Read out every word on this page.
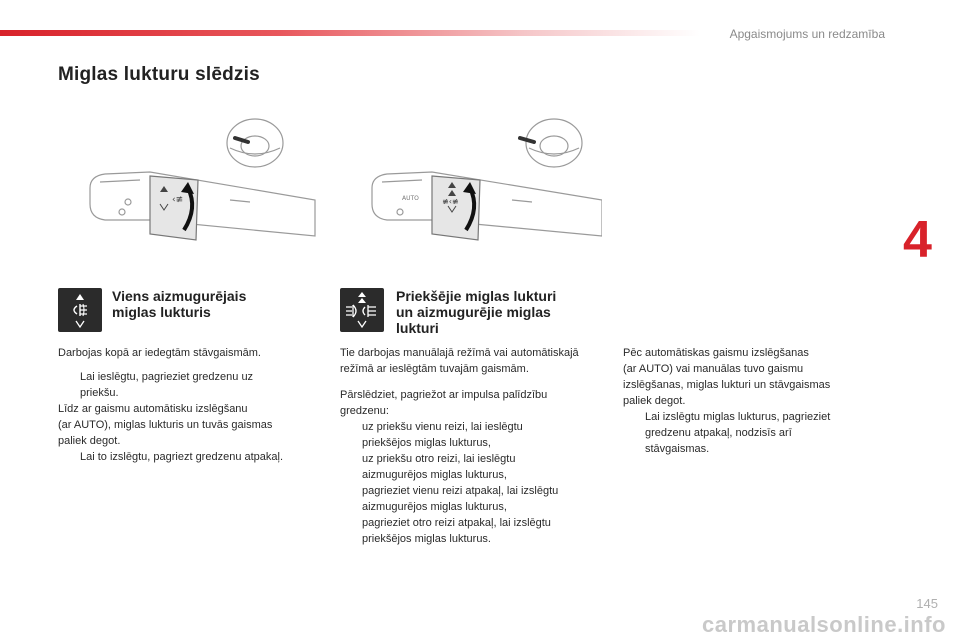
Apgaismojums un redzamība
4
Miglas lukturu slēdzis
‹≢	AUTO	≢‹≢
Viens aizmugurējais
miglas lukturis
Priekšējie miglas lukturi
un aizmugurējie miglas
lukturi

Darbojas kopā ar iedegtām stāvgaismām.

Lai ieslēgtu, pagrieziet gredzenu uz
priekšu.

Līdz ar gaismu automātisku izslēgšanu

(ar AUTO), miglas lukturis un tuvās gaismas

paliek degot.

Lai to izslēgtu, pagriezt gredzenu atpakaļ.

Tie darbojas manuālajā režīmā vai automātiskajā

režīmā ar ieslēgtām tuvajām gaismām.

Pārslēdziet, pagriežot ar impulsa palīdzību

gredzenu:

uz priekšu vienu reizi, lai ieslēgtu
priekšējos miglas lukturus,
uz priekšu otro reizi, lai ieslēgtu
aizmugurējos miglas lukturus,
pagrieziet vienu reizi atpakaļ, lai izslēgtu
aizmugurējos miglas lukturus,
pagrieziet otro reizi atpakaļ, lai izslēgtu
priekšējos miglas lukturus.

Pēc automātiskas gaismu izslēgšanas

(ar AUTO) vai manuālas tuvo gaismu

izslēgšanas, miglas lukturi un stāvgaismas

paliek degot.

Lai izslēgtu miglas lukturus, pagrieziet
gredzenu atpakaļ, nodzisīs arī
stāvgaismas.
carmanualsonline.info
145
